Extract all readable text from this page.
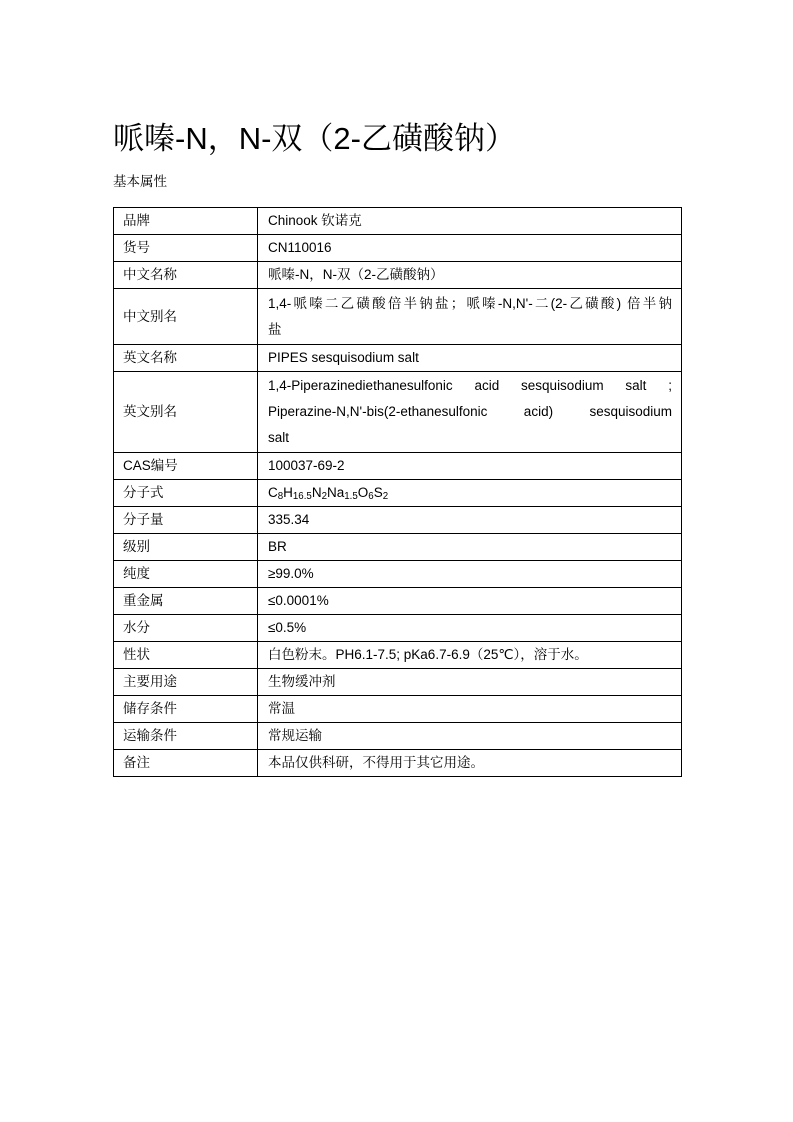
哌嗪-N，N-双（2-乙磺酸钠）
基本属性
品牌	Chinook 钦诺克
货号	CN110016
中文名称	哌嗪-N，N-双（2-乙磺酸钠）
中文别名	1,4-哌嗪二乙磺酸倍半钠盐；哌嗪-N,N'-二(2-乙磺酸) 倍半钠
盐

英文名称	PIPES sesquisodium salt
英文别名	1,4-Piperazinediethanesulfonic acid sesquisodium salt ;
Piperazine-N,N'-bis(2-ethanesulfonic acid) sesquisodium
salt

CAS编号	100037-69-2
分子式	$C_8H_{16.5}N_2Na_{1.5}O_6S_2$
分子量	335.34
级别	BR
纯度	≥99.0%
重金属	≤0.0001%
水分	≤0.5%
性状	白色粉末。PH6.1-7.5; pKa6.7-6.9（25℃），溶于水。
主要用途	生物缓冲剂
储存条件	常温
运输条件	常规运输
备注	本品仅供科研，不得用于其它用途。
